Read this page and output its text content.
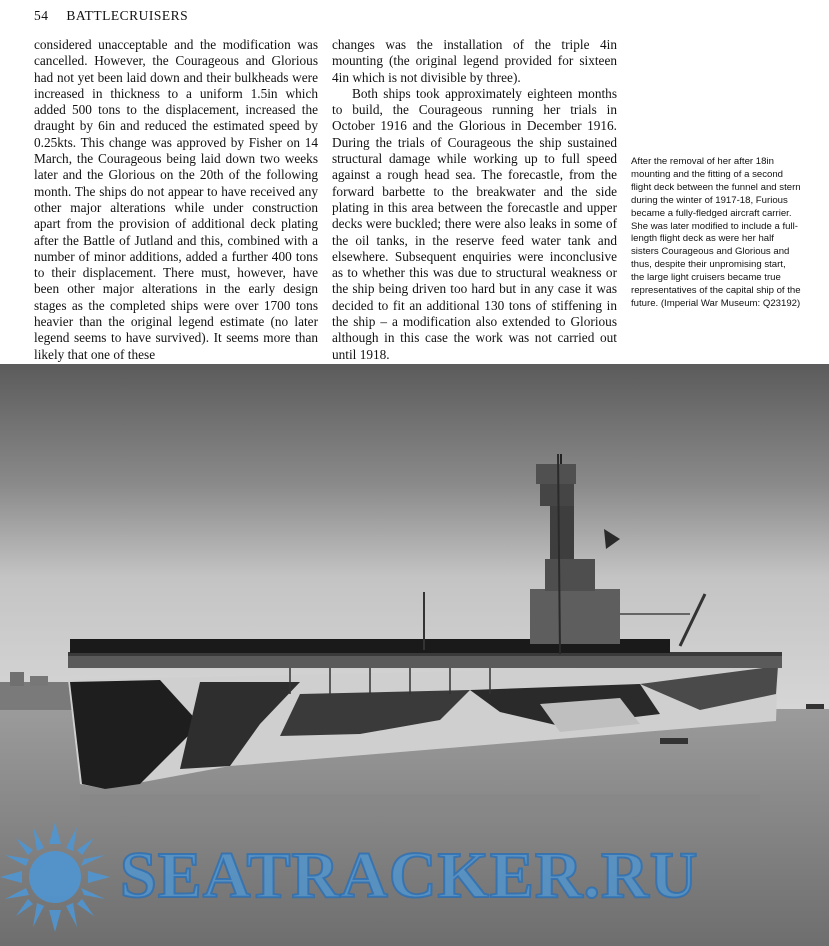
54 BATTLECRUISERS

considered unacceptable and the modification was cancelled. However, the Courageous and Glorious had not yet been laid down and their bulkheads were increased in thickness to a uniform 1.5in which added 500 tons to the displacement, increased the draught by 6in and reduced the estimated speed by 0.25kts. This change was approved by Fisher on 14 March, the Courageous being laid down two weeks later and the Glorious on the 20th of the following month. The ships do not appear to have received any other major alterations while under construction apart from the provision of additional deck plating after the Battle of Jutland and this, combined with a number of minor additions, added a further 400 tons to their displacement. There must, however, have been other major alterations in the early design stages as the completed ships were over 1700 tons heavier than the original legend estimate (no later legend seems to have survived). It seems more than likely that one of these

changes was the installation of the triple 4in mounting (the original legend provided for sixteen 4in which is not divisible by three).

Both ships took approximately eighteen months to build, the Courageous running her trials in October 1916 and the Glorious in December 1916. During the trials of Courageous the ship sustained structural damage while working up to full speed against a rough head sea. The forecastle, from the forward barbette to the breakwater and the side plating in this area between the forecastle and upper decks were buckled; there were also leaks in some of the oil tanks, in the reserve feed water tank and elsewhere. Subsequent enquiries were inconclusive as to whether this was due to structural weakness or the ship being driven too hard but in any case it was decided to fit an additional 130 tons of stiffening in the ship – a modification also extended to Glorious although in this case the work was not carried out until 1918.

After the removal of her after 18in mounting and the fitting of a second flight deck between the funnel and stern during the winter of 1917-18, Furious became a fully-fledged aircraft carrier. She was later modified to include a full-length flight deck as were her half sisters Courageous and Glorious and thus, despite their unpromising start, the large light cruisers became true representatives of the capital ship of the future. (Imperial War Museum: Q23192)
SEATRACKER.RU
